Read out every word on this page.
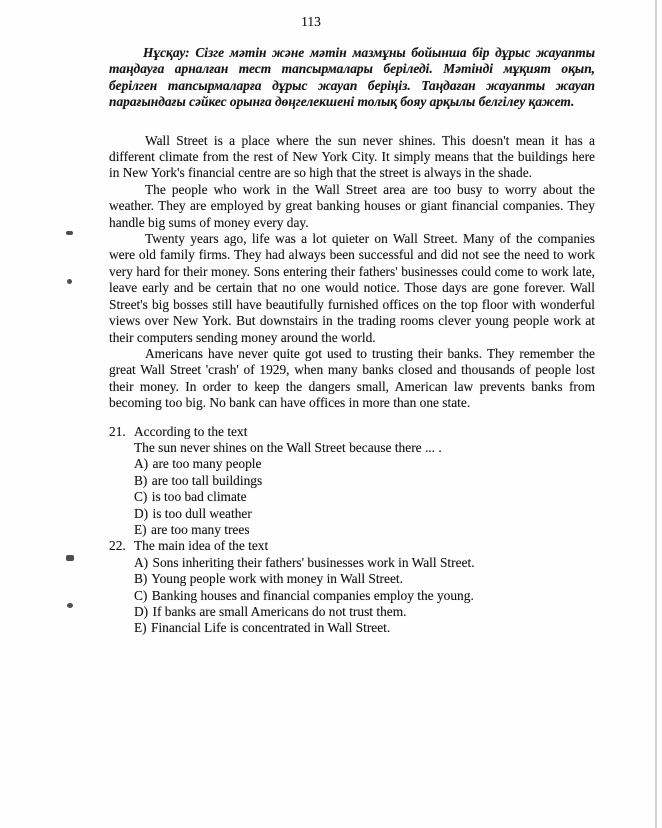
113

Нұсқау: Сізге мәтін және мәтін мазмұны бойынша бір дұрыс жауапты таңдауға арналған тест тапсырмалары беріледі. Мәтінді мұқият оқып, берілген тапсырмаларға дұрыс жауап беріңіз. Таңдаған жауапты жауап парағындағы сәйкес орынға дөңгелекшені толық бояу арқылы белгілеу қажет.

Wall Street is a place where the sun never shines. This doesn't mean it has a different climate from the rest of New York City. It simply means that the buildings here in New York's financial centre are so high that the street is always in the shade.

The people who work in the Wall Street area are too busy to worry about the weather. They are employed by great banking houses or giant financial companies. They handle big sums of money every day.

Twenty years ago, life was a lot quieter on Wall Street. Many of the companies were old family firms. They had always been successful and did not see the need to work very hard for their money. Sons entering their fathers' businesses could come to work late, leave early and be certain that no one would notice. Those days are gone forever. Wall Street's big bosses still have beautifully furnished offices on the top floor with wonderful views over New York. But downstairs in the trading rooms clever young people work at their computers sending money around the world.

Americans have never quite got used to trusting their banks. They remember the great Wall Street 'crash' of 1929, when many banks closed and thousands of people lost their money. In order to keep the dangers small, American law prevents banks from becoming too big. No bank can have offices in more than one state.

21. According to the text
The sun never shines on the Wall Street because there ... .
A) are too many people
B) are too tall buildings
C) is too bad climate
D) is too dull weather
E) are too many trees
22. The main idea of the text
A) Sons inheriting their fathers' businesses work in Wall Street.
B) Young people work with money in Wall Street.
C) Banking houses and financial companies employ the young.
D) If banks are small Americans do not trust them.
E) Financial Life is concentrated in Wall Street.
